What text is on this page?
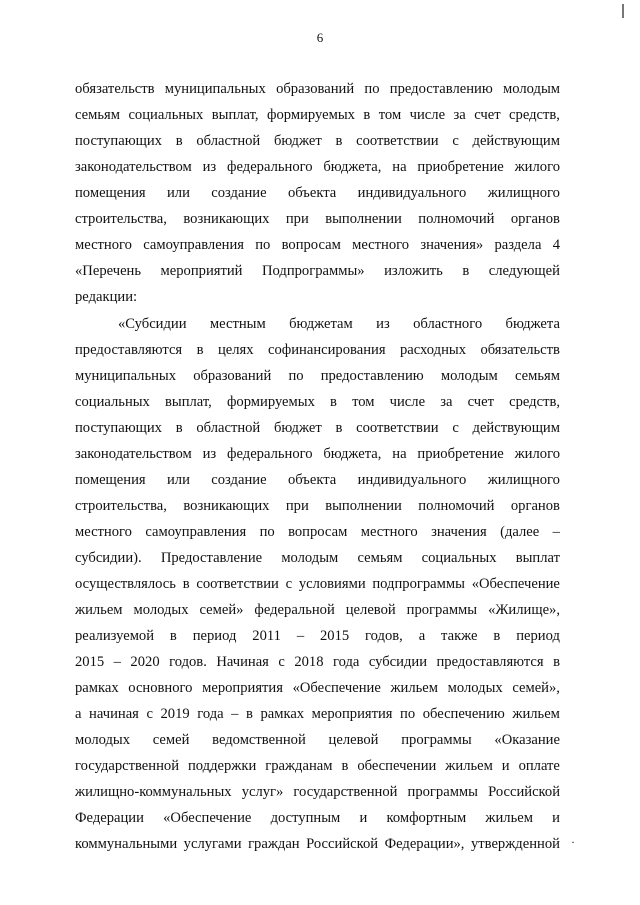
6
обязательств муниципальных образований по предоставлению молодым
семьям социальных выплат, формируемых в том числе за счет средств,
поступающих в областной бюджет в соответствии с действующим
законодательством из федерального бюджета, на приобретение жилого
помещения или создание объекта индивидуального жилищного
строительства, возникающих при выполнении полномочий органов
местного самоуправления по вопросам местного значения» раздела 4
«Перечень мероприятий Подпрограммы» изложить в следующей
редакции:
«Субсидии местным бюджетам из областного бюджета
предоставляются в целях софинансирования расходных обязательств
муниципальных образований по предоставлению молодым семьям
социальных выплат, формируемых в том числе за счет средств,
поступающих в областной бюджет в соответствии с действующим
законодательством из федерального бюджета, на приобретение жилого
помещения или создание объекта индивидуального жилищного
строительства, возникающих при выполнении полномочий органов
местного самоуправления по вопросам местного значения (далее –
субсидии). Предоставление молодым семьям социальных выплат
осуществлялось в соответствии с условиями подпрограммы «Обеспечение
жильем молодых семей» федеральной целевой программы «Жилище»,
реализуемой в период 2011 – 2015 годов, а также в период
2015 – 2020 годов. Начиная с 2018 года субсидии предоставляются в
рамках основного мероприятия «Обеспечение жильем молодых семей»,
а начиная с 2019 года – в рамках мероприятия по обеспечению жильем
молодых семей ведомственной целевой программы «Оказание
государственной поддержки гражданам в обеспечении жильем и оплате
жилищно-коммунальных услуг» государственной программы Российской
Федерации «Обеспечение доступным и комфортным жильем и
коммунальными услугами граждан Российской Федерации», утвержденной ·
